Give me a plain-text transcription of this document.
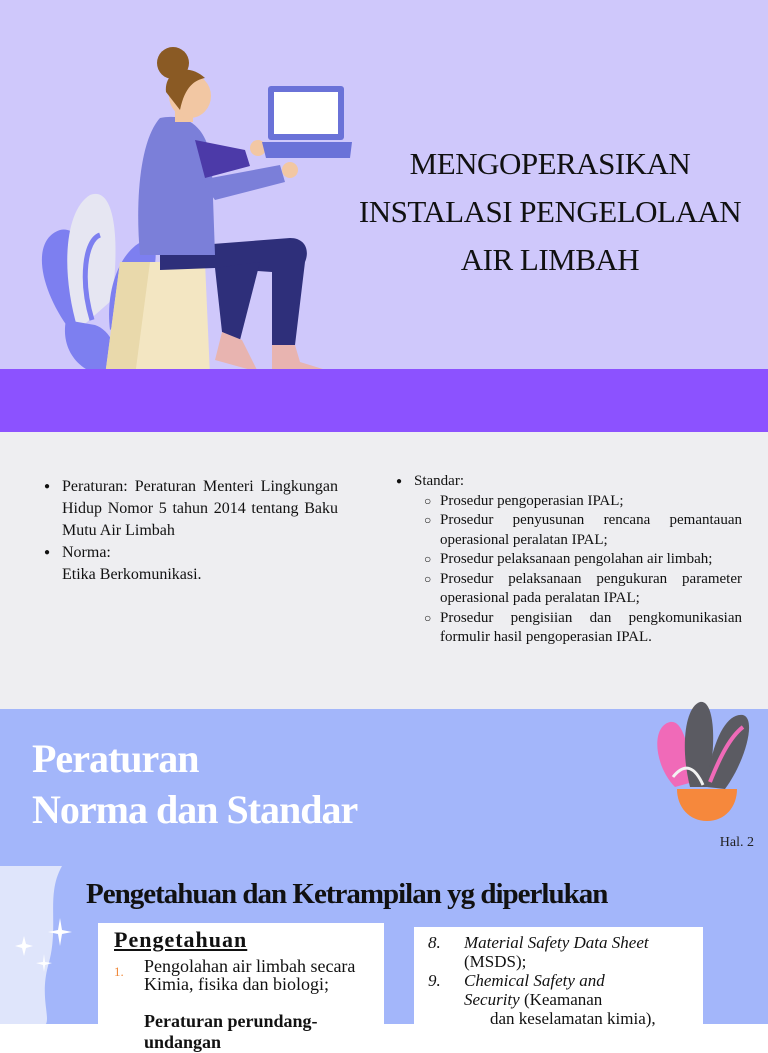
MENGOPERASIKAN
INSTALASI PENGELOLAAN
AIR LIMBAH
● Peraturan: Peraturan Menteri Lingkungan Hidup Nomor 5 tahun 2014 tentang Baku Mutu Air Limbah
● Norma:
Etika Berkomunikasi.
● Standar:
○ Prosedur pengoperasian IPAL;
○ Prosedur penyusunan rencana pemantauan operasional peralatan IPAL;
○ Prosedur pelaksanaan pengolahan air limbah;
○ Prosedur pelaksanaan pengukuran parameter operasional pada peralatan IPAL;
○ Prosedur pengisiian dan pengkomunikasian formulir hasil pengoperasian IPAL.
Peraturan
Norma dan Standar
Hal. 2
Pengetahuan dan Ketrampilan yg diperlukan
Pengetahuan
1. Pengolahan air limbah secara Kimia, fisika dan biologi;
Peraturan perundang-undangan
8. Material Safety Data Sheet
(MSDS);
9. Chemical Safety and
Security (Keamanan
dan keselamatan kimia),
